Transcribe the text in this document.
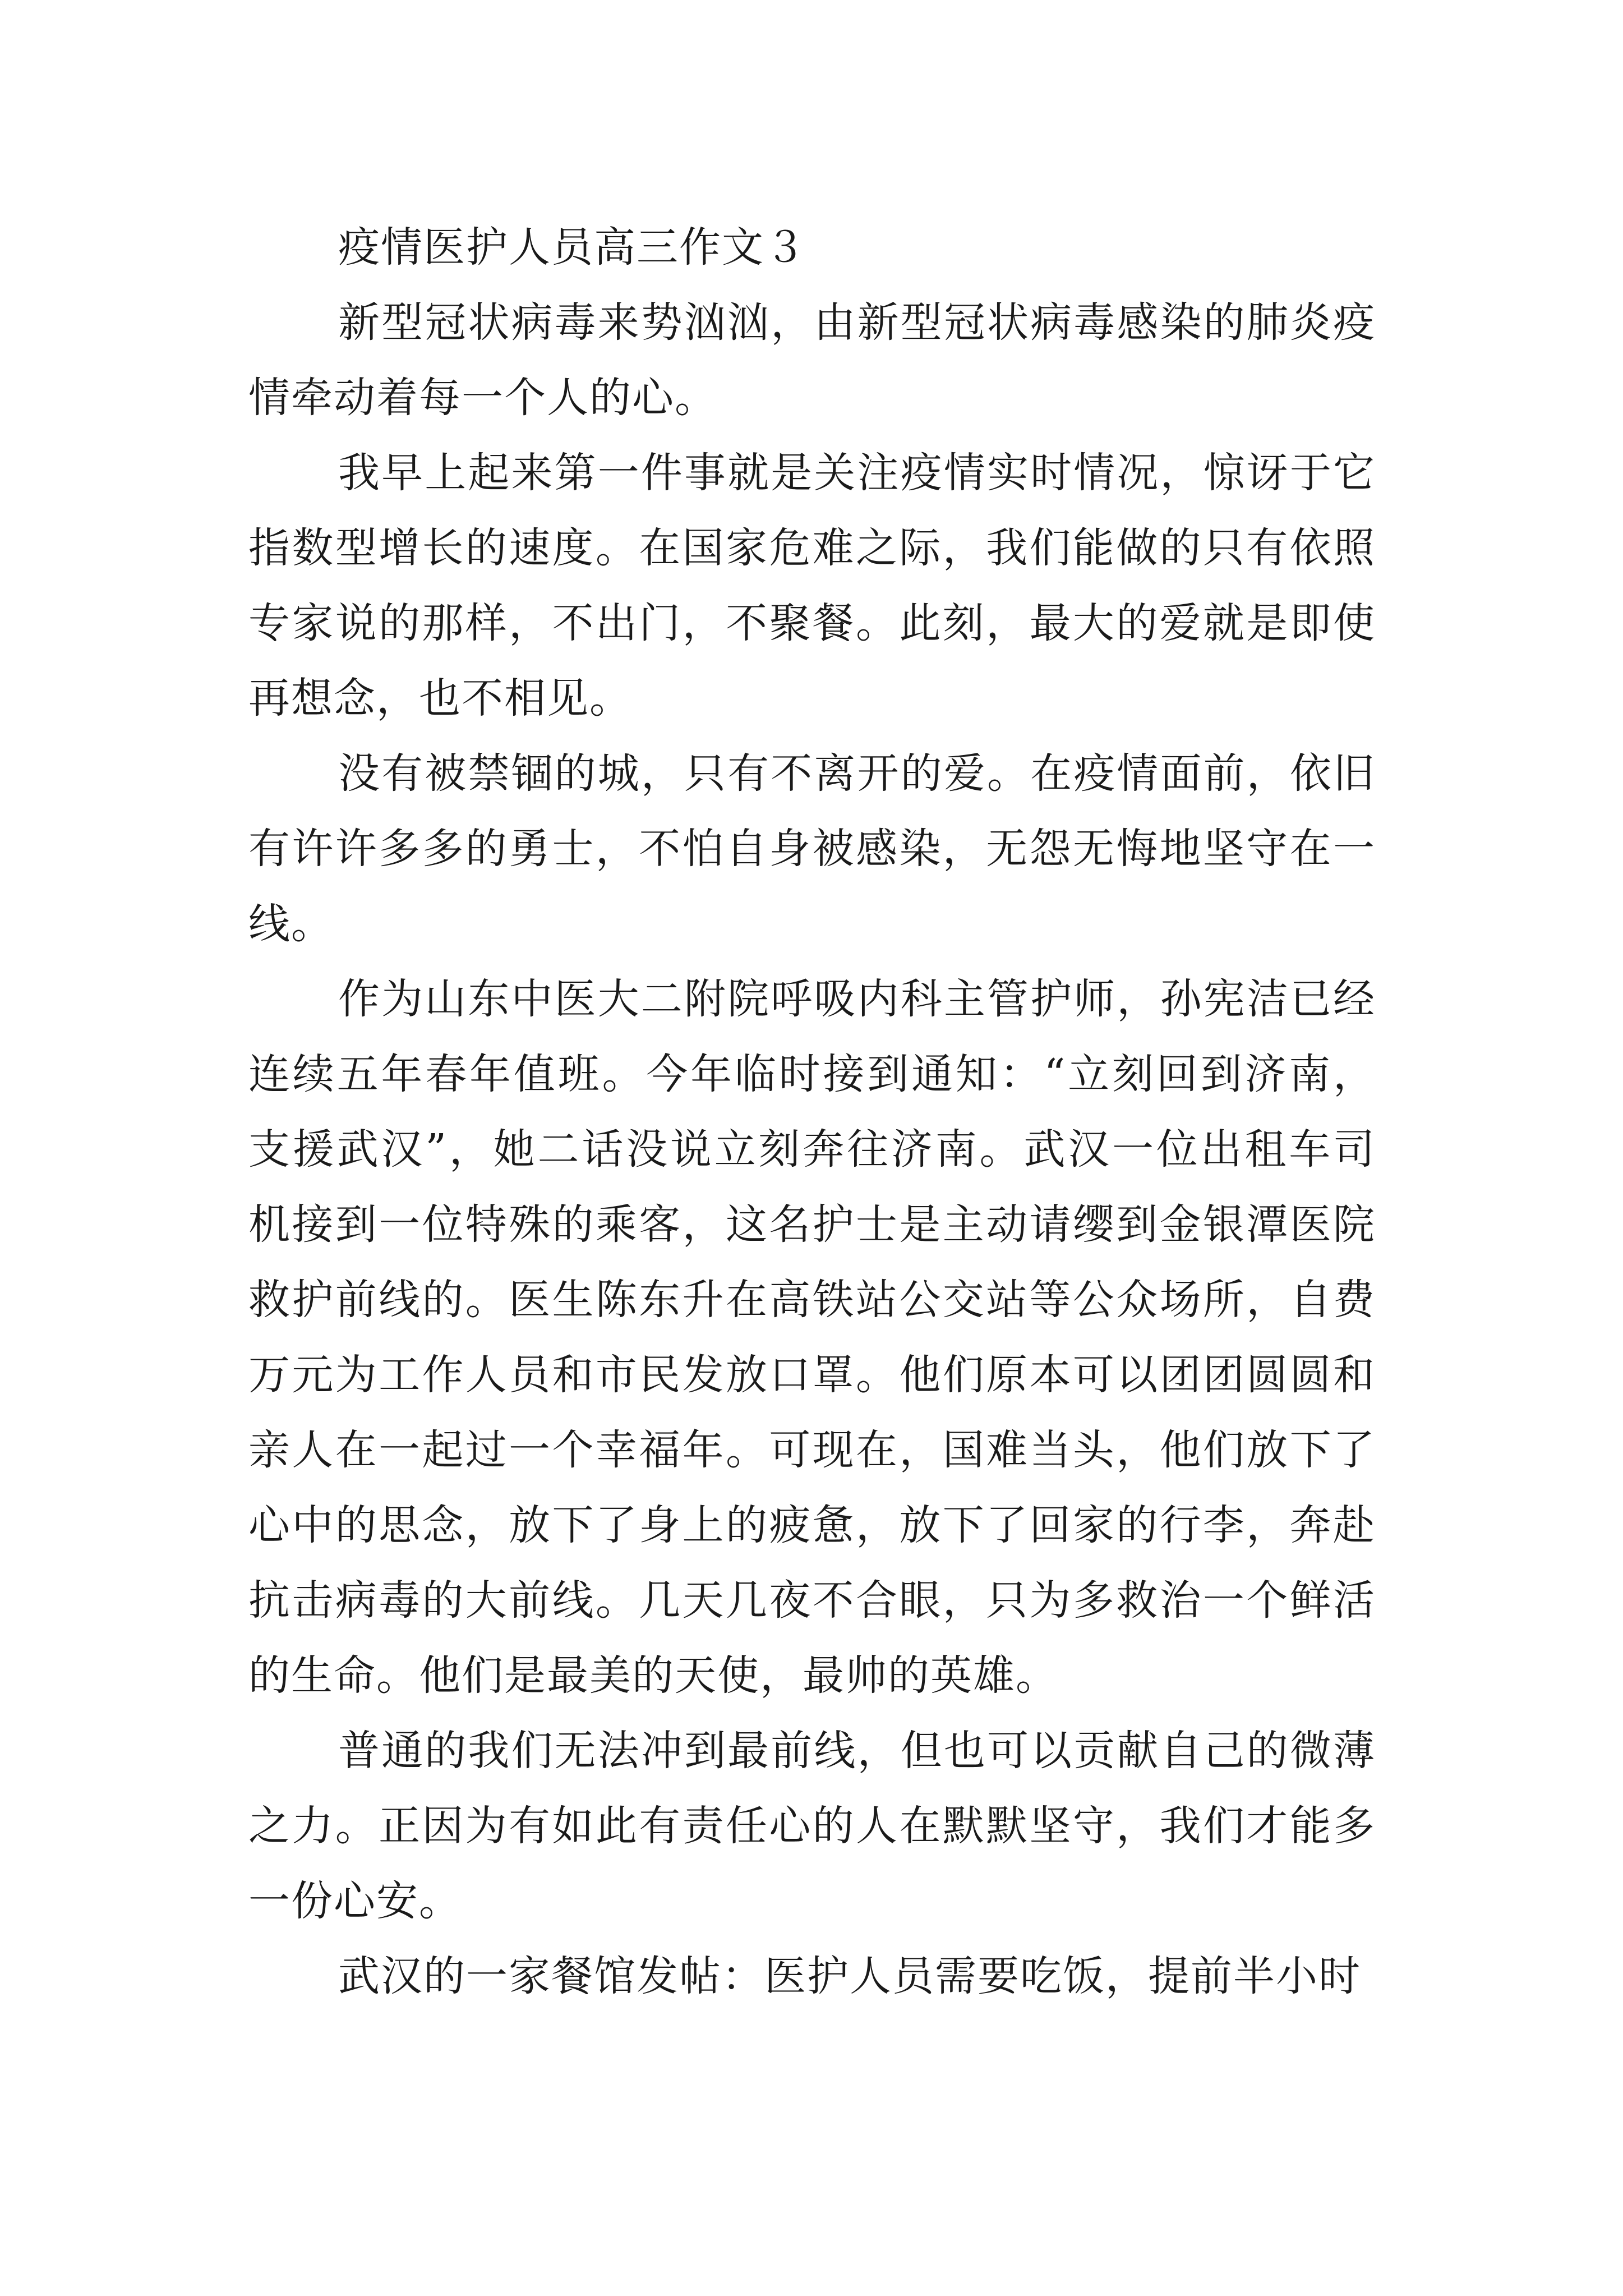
疫情医护人员高三作文３

新型冠状病毒来势汹汹，由新型冠状病毒感染的肺炎疫情牵动着每一个人的心。

我早上起来第一件事就是关注疫情实时情况，惊讶于它指数型增长的速度。在国家危难之际，我们能做的只有依照专家说的那样，不出门，不聚餐。此刻，最大的爱就是即使再想念，也不相见。

没有被禁锢的城，只有不离开的爱。在疫情面前，依旧有许许多多的勇士，不怕自身被感染，无怨无悔地坚守在一线。

作为山东中医大二附院呼吸内科主管护师，孙宪洁已经连续五年春年值班。今年临时接到通知：“立刻回到济南，支援武汉”，她二话没说立刻奔往济南。武汉一位出租车司机接到一位特殊的乘客，这名护士是主动请缨到金银潭医院救护前线的。医生陈东升在高铁站公交站等公众场所，自费万元为工作人员和市民发放口罩。他们原本可以团团圆圆和亲人在一起过一个幸福年。可现在，国难当头，他们放下了心中的思念，放下了身上的疲惫，放下了回家的行李，奔赴抗击病毒的大前线。几天几夜不合眼，只为多救治一个鲜活的生命。他们是最美的天使，最帅的英雄。

普通的我们无法冲到最前线，但也可以贡献自己的微薄之力。正因为有如此有责任心的人在默默坚守，我们才能多一份心安。

武汉的一家餐馆发帖：医护人员需要吃饭，提前半小时
